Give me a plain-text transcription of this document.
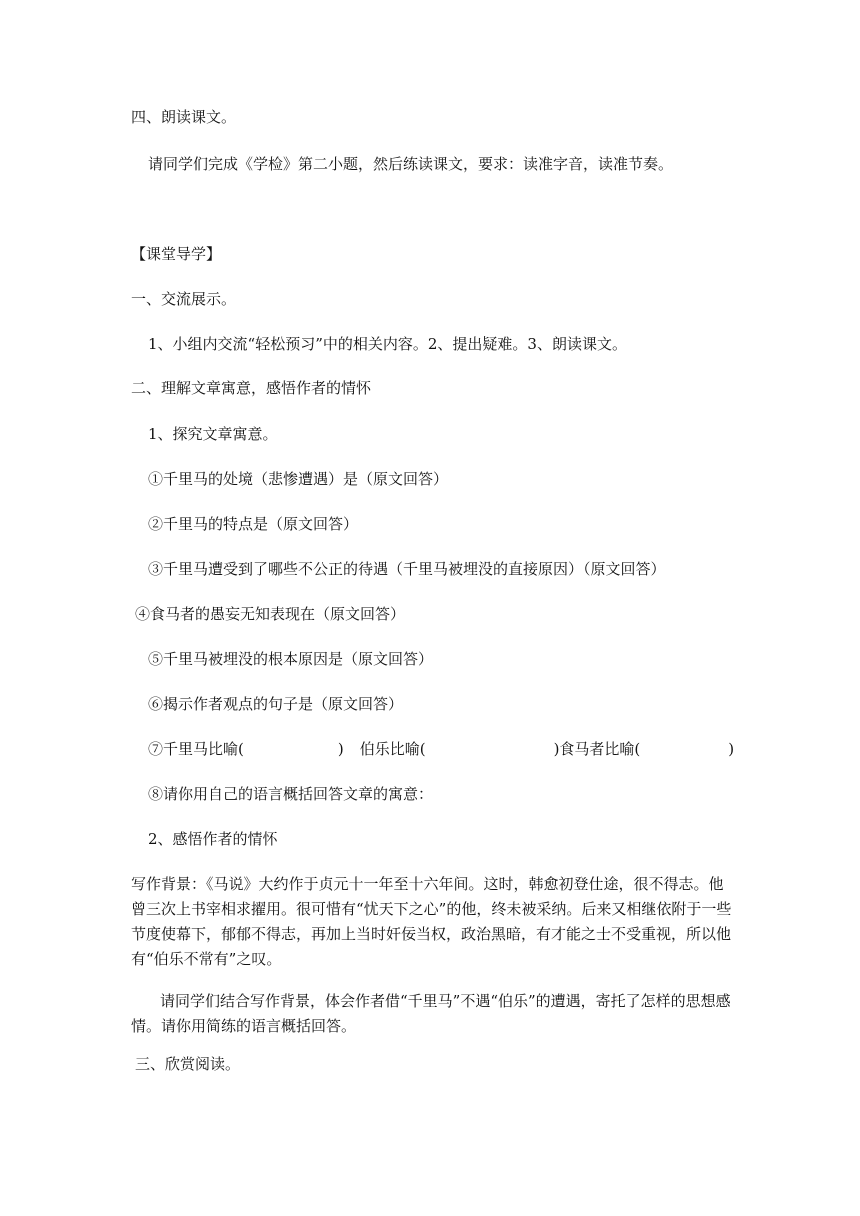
四、朗读课文。
请同学们完成《学检》第二小题，然后练读课文，要求：读准字音，读准节奏。
【课堂导学】
一、交流展示。
1、小组内交流“轻松预习”中的相关内容。2、提出疑难。3、朗读课文。
二、理解文章寓意，感悟作者的情怀
1、探究文章寓意。
①千里马的处境（悲惨遭遇）是（原文回答）
②千里马的特点是（原文回答）
③千里马遭受到了哪些不公正的待遇（千里马被埋没的直接原因）（原文回答）
④食马者的愚妄无知表现在（原文回答）
⑤千里马被埋没的根本原因是（原文回答）
⑥揭示作者观点的句子是（原文回答）
⑦千里马比喻(	) 伯乐比喻(	)食马者比喻(	)
⑧请你用自己的语言概括回答文章的寓意：
2、感悟作者的情怀
写作背景：《马说》大约作于贞元十一年至十六年间。这时，韩愈初登仕途，很不得志。他曾三次上书宰相求擢用。很可惜有“忧天下之心”的他，终未被采纳。后来又相继依附于一些节度使幕下，郁郁不得志，再加上当时奸佞当权，政治黑暗，有才能之士不受重视，所以他有“伯乐不常有”之叹。
请同学们结合写作背景，体会作者借“千里马”不遇“伯乐”的遭遇，寄托了怎样的思想感情。请你用简练的语言概括回答。
三、欣赏阅读。
